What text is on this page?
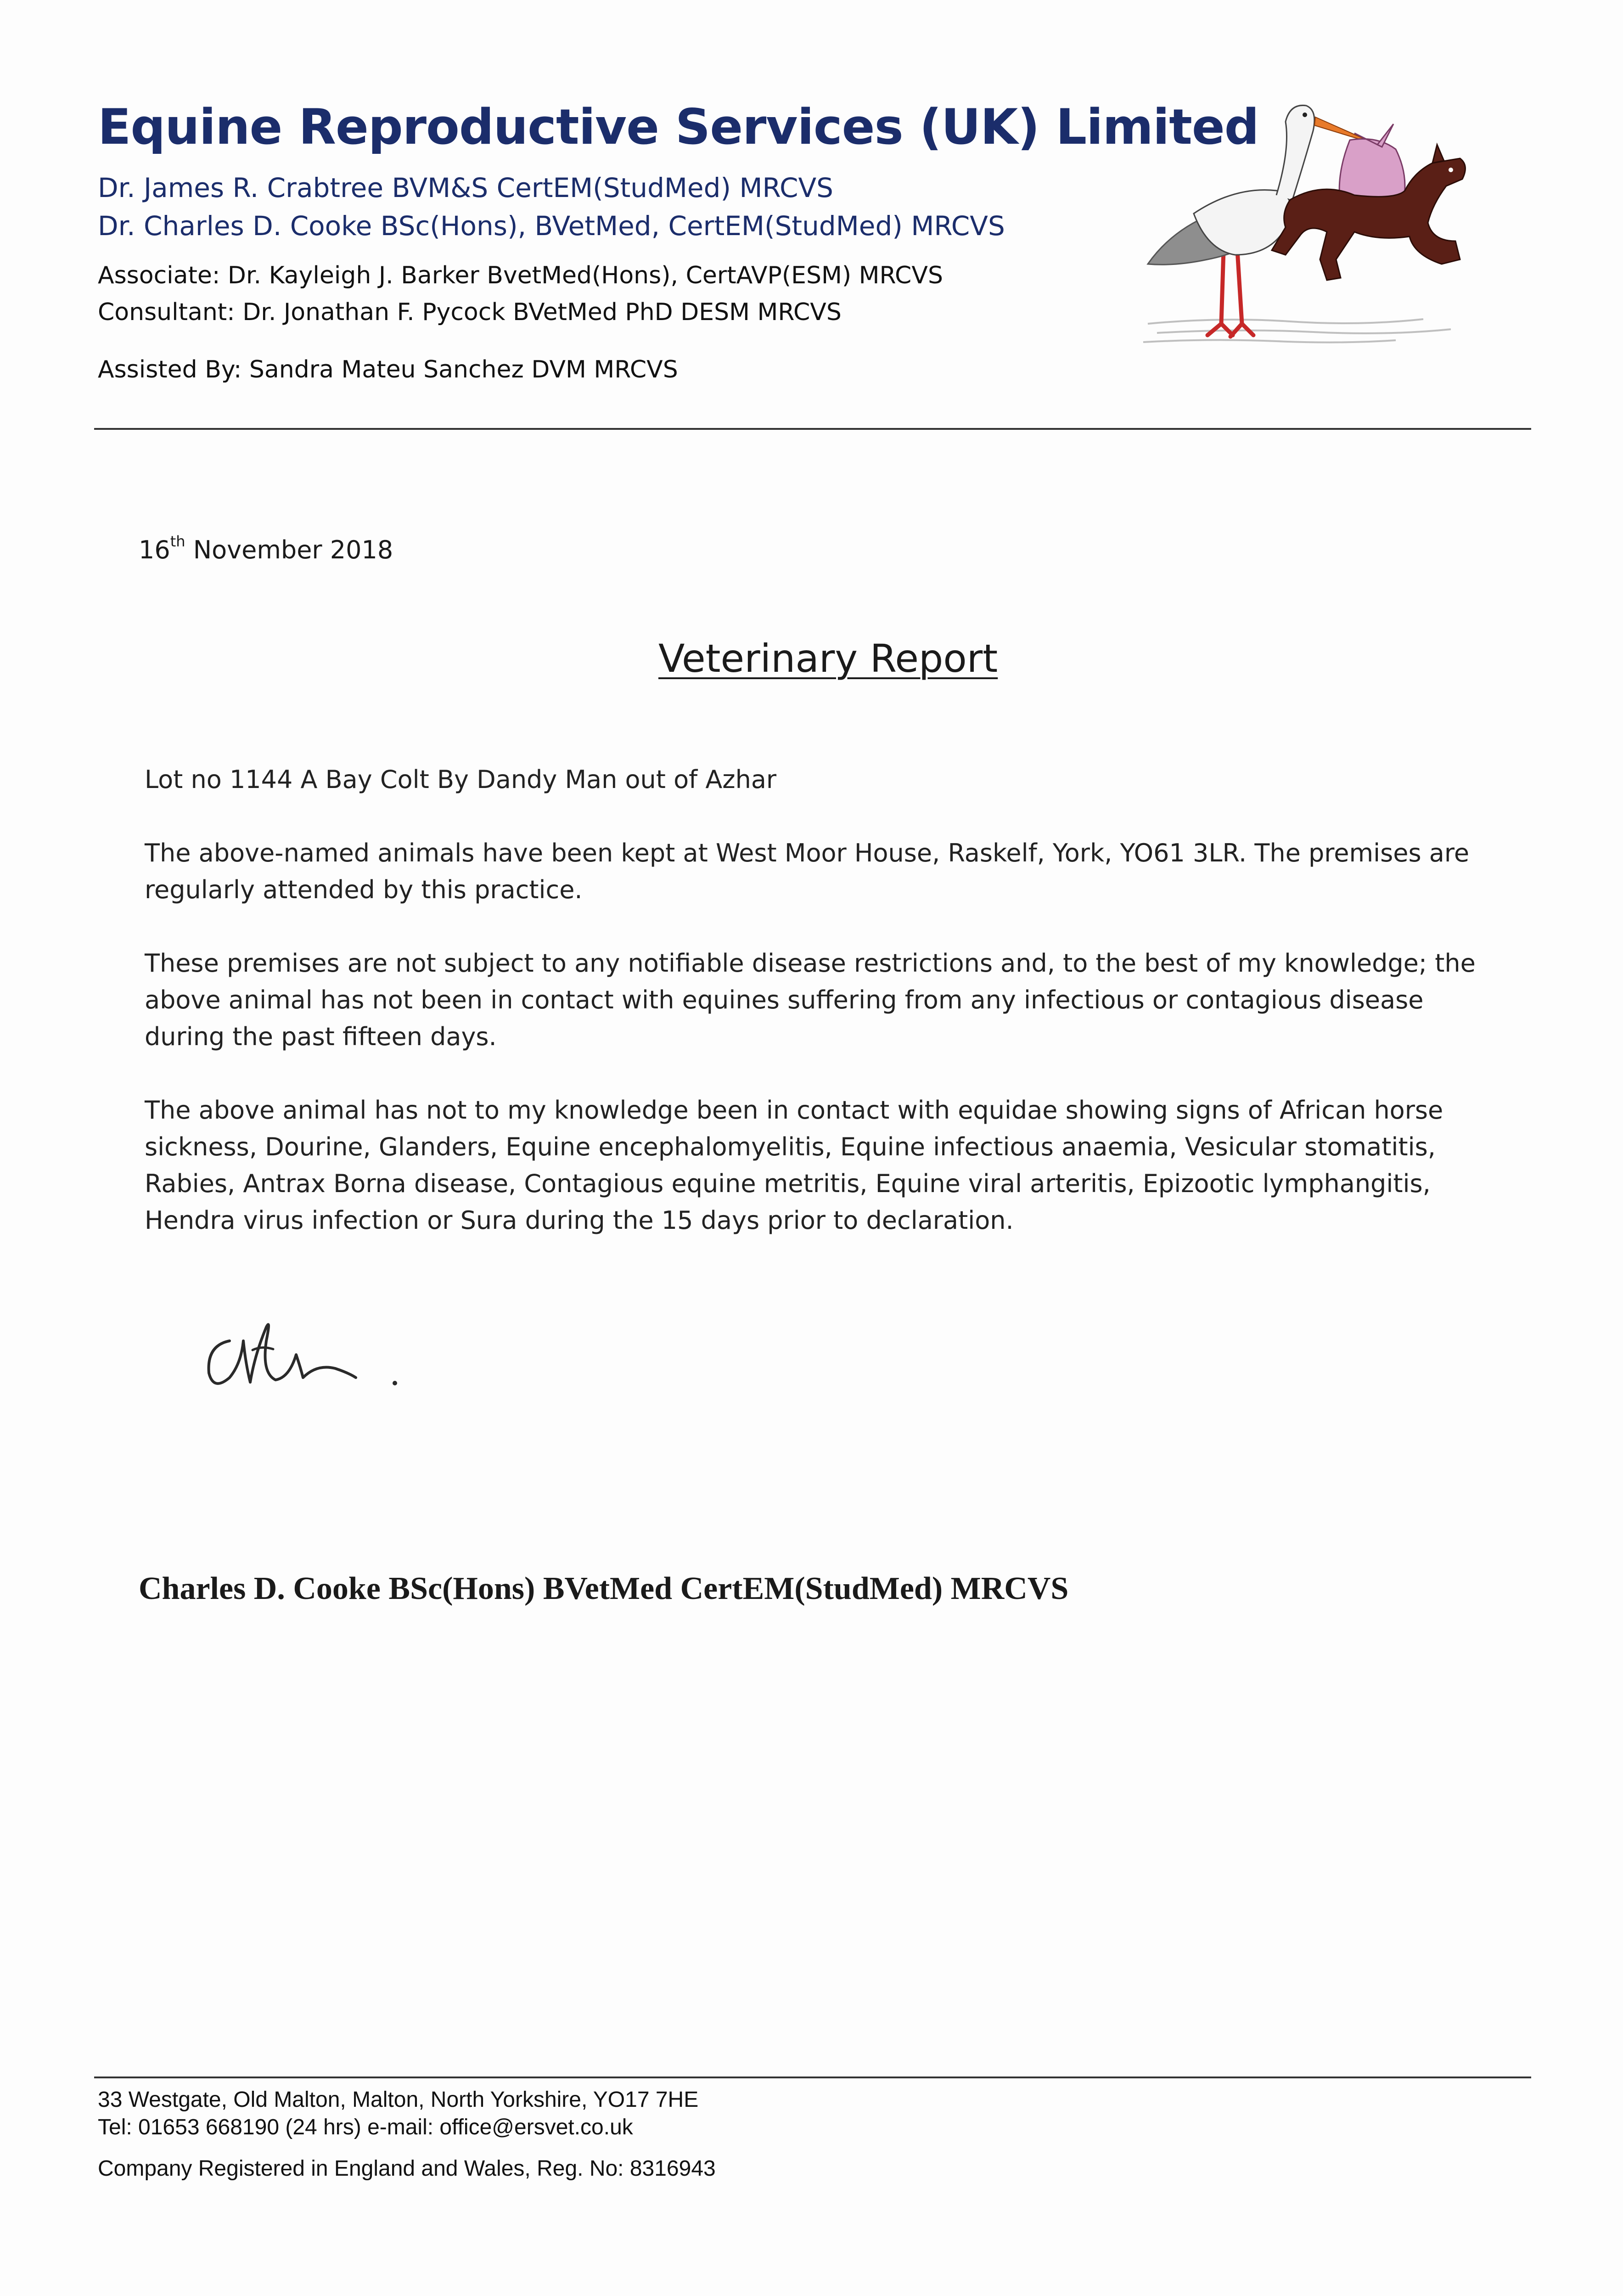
Equine Reproductive Services (UK) Limited
Dr. James R. Crabtree BVM&S CertEM(StudMed) MRCVS
Dr. Charles D. Cooke BSc(Hons), BVetMed, CertEM(StudMed) MRCVS
Associate: Dr. Kayleigh J. Barker BvetMed(Hons), CertAVP(ESM) MRCVS
Consultant: Dr. Jonathan F. Pycock BVetMed PhD DESM MRCVS
Assisted By: Sandra Mateu Sanchez DVM MRCVS
16th November 2018
Veterinary Report
Lot no 1144 A Bay Colt By Dandy Man out of Azhar
The above-named animals have been kept at West Moor House, Raskelf, York, YO61 3LR. The premises are regularly attended by this practice.
These premises are not subject to any notifiable disease restrictions and, to the best of my knowledge; the above animal has not been in contact with equines suffering from any infectious or contagious disease during the past fifteen days.
The above animal has not to my knowledge been in contact with equidae showing signs of African horse sickness, Dourine, Glanders, Equine encephalomyelitis, Equine infectious anaemia, Vesicular stomatitis, Rabies, Antrax Borna disease, Contagious equine metritis, Equine viral arteritis, Epizootic lymphangitis, Hendra virus infection or Sura during the 15 days prior to declaration.
Charles D. Cooke BSc(Hons) BVetMed CertEM(StudMed) MRCVS
33 Westgate, Old Malton, Malton, North Yorkshire, YO17 7HE
Tel: 01653 668190 (24 hrs) e-mail: office@ersvet.co.uk
Company Registered in England and Wales, Reg. No: 8316943
